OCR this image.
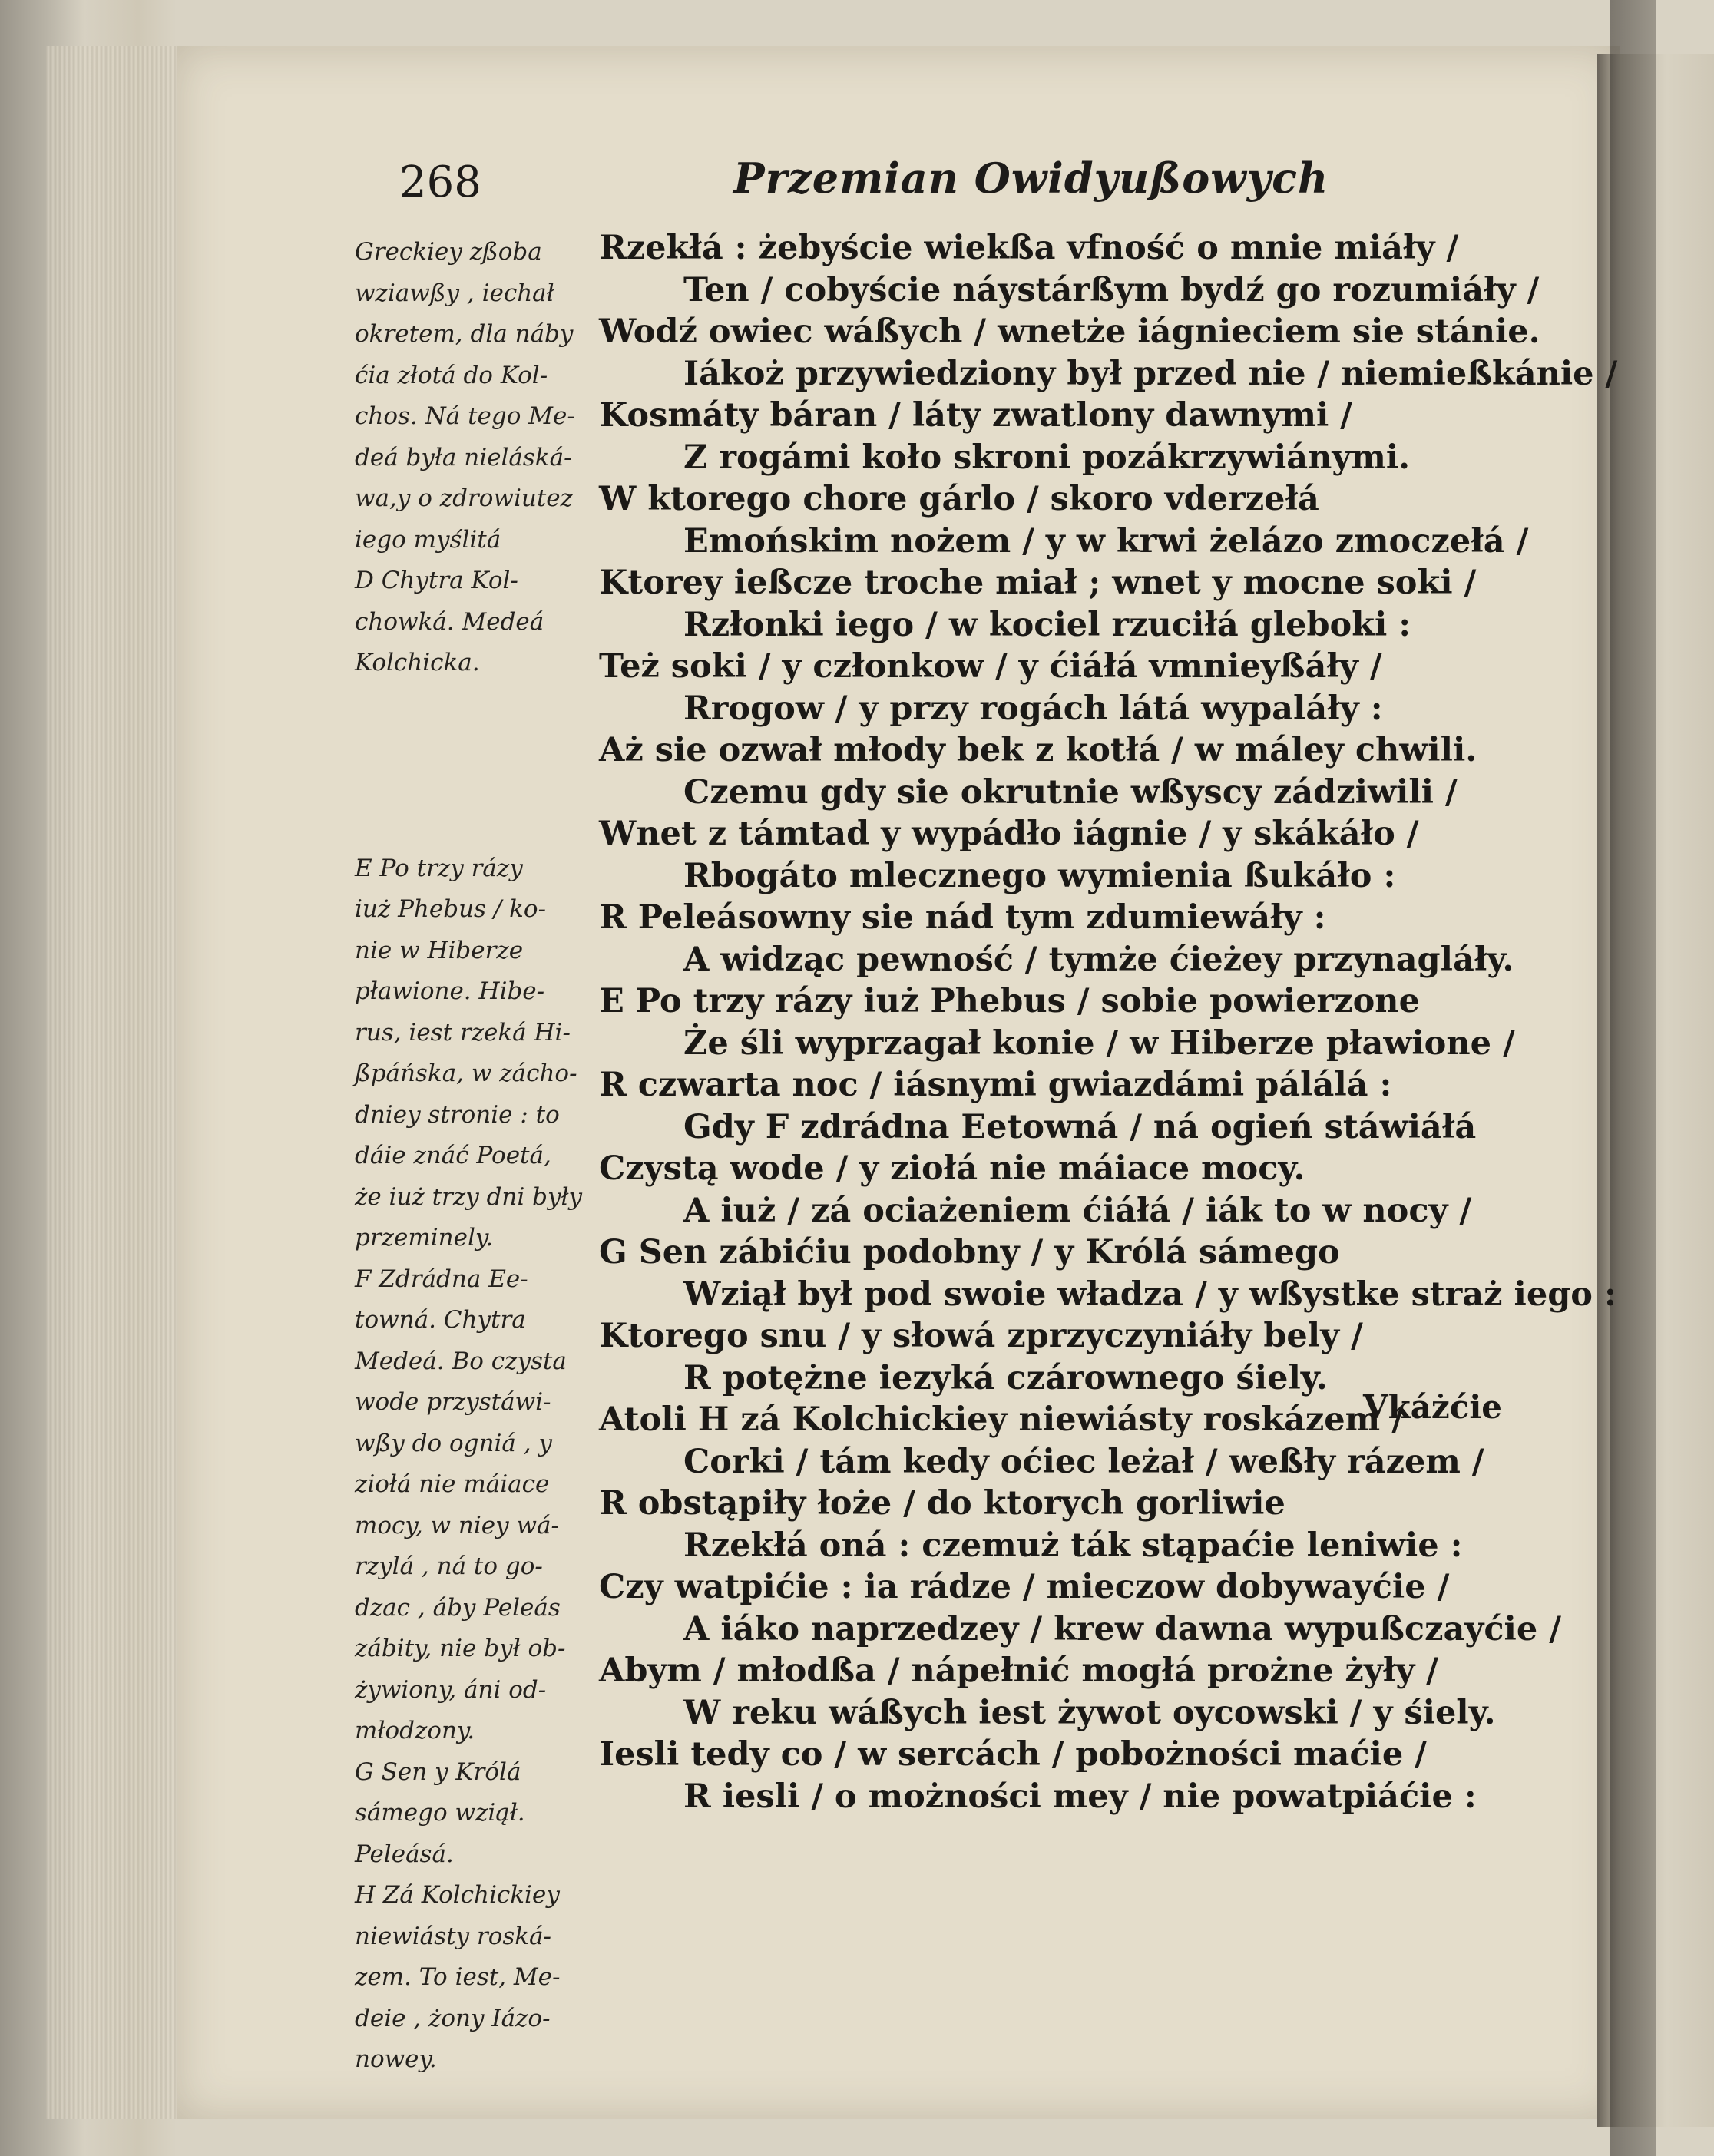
268	Przemian Owidyußowych
Greckiey zßoba
wziawßy , iechał
okretem, dla náby
ćia złotá do Kol-
chos. Ná tego Me-
deá była nieláská-
wa,y o zdrowiutez
iego myślitá
D Chytra Kol-
chowká. Medeá
Kolchicka.
E Po trzy rázy
iuż Phebus / ko-
nie w Hiberze
pławione. Hibe-
rus, iest rzeká Hi-
ßpáńska, w zácho-
dniey stronie : to
dáie znáć Poetá,
że iuż trzy dni były
przeminely.
F Zdrádna Ee-
towná. Chytra
Medeá. Bo czysta
wode przystáwi-
wßy do ogniá , y
ziołá nie máiace
mocy, w niey wá-
rzylá , ná to go-
dzac , áby Peleás
zábity, nie był ob-
żywiony, áni od-
młodzony.
G Sen y Królá
sámego wziął.
Peleásá.
H Zá Kolchickiey
niewiásty roská-
zem. To iest, Me-
deie , żony Iázo-
nowey.
Rzekłá : żebyście wiekßa vfność o mnie miáły /
Ten / cobyście náystárßym bydź go rozumiáły /
Wodź owiec wáßych / wnetże iágnieciem sie stánie.
Iákoż przywiedziony był przed nie / niemießkánie /
Kosmáty báran / láty zwatlony dawnymi /
Z rogámi koło skroni pozákrzywiánymi.
W ktorego chore gárlo / skoro vderzełá
Emońskim nożem / y w krwi żelázo zmoczełá /
Ktorey ießcze troche miał ; wnet y mocne soki /
Rzłonki iego / w kociel rzuciłá gleboki :
Też soki / y członkow / y ćiáłá vmnieyßáły /
Rrogow / y przy rogách látá wypaláły :
Aż sie ozwał młody bek z kotłá / w máley chwili.
Czemu gdy sie okrutnie wßyscy zádziwili /
Wnet z támtad y wypádło iágnie / y skákáło /
Rbogáto mlecznego wymienia ßukáło :
R Peleásowny sie nád tym zdumiewáły :
A widząc pewność / tymże ćieżey przynagláły.
E Po trzy rázy iuż Phebus / sobie powierzone
Że śli wyprzagał konie / w Hiberze pławione /
R czwarta noc / iásnymi gwiazdámi pálálá :
Gdy F zdrádna Eetowná / ná ogień stáwiáłá
Czystą wode / y ziołá nie máiace mocy.
A iuż / zá ociażeniem ćiáłá / iák to w nocy /
G Sen zábićiu podobny / y Królá sámego
Wziął był pod swoie władza / y wßystke straż iego :
Ktorego snu / y słowá zprzyczyniáły bely /
R potężne iezyká czárownego śiely.
Atoli H zá Kolchickiey niewiásty roskázem /
Corki / tám kedy oćiec leżał / weßły rázem /
R obstąpiły łoże / do ktorych gorliwie
Rzekłá oná : czemuż ták stąpaćie leniwie :
Czy watpićie : ia rádze / mieczow dobywayćie /
A iáko naprzedzey / krew dawna wypußczayćie /
Abym / młodßa / nápełnić mogłá prożne żyły /
W reku wáßych iest żywot oycowski / y śiely.
Iesli tedy co / w sercách / pobożności maćie /
R iesli / o możności mey / nie powatpiáćie :
Vkáżćie
